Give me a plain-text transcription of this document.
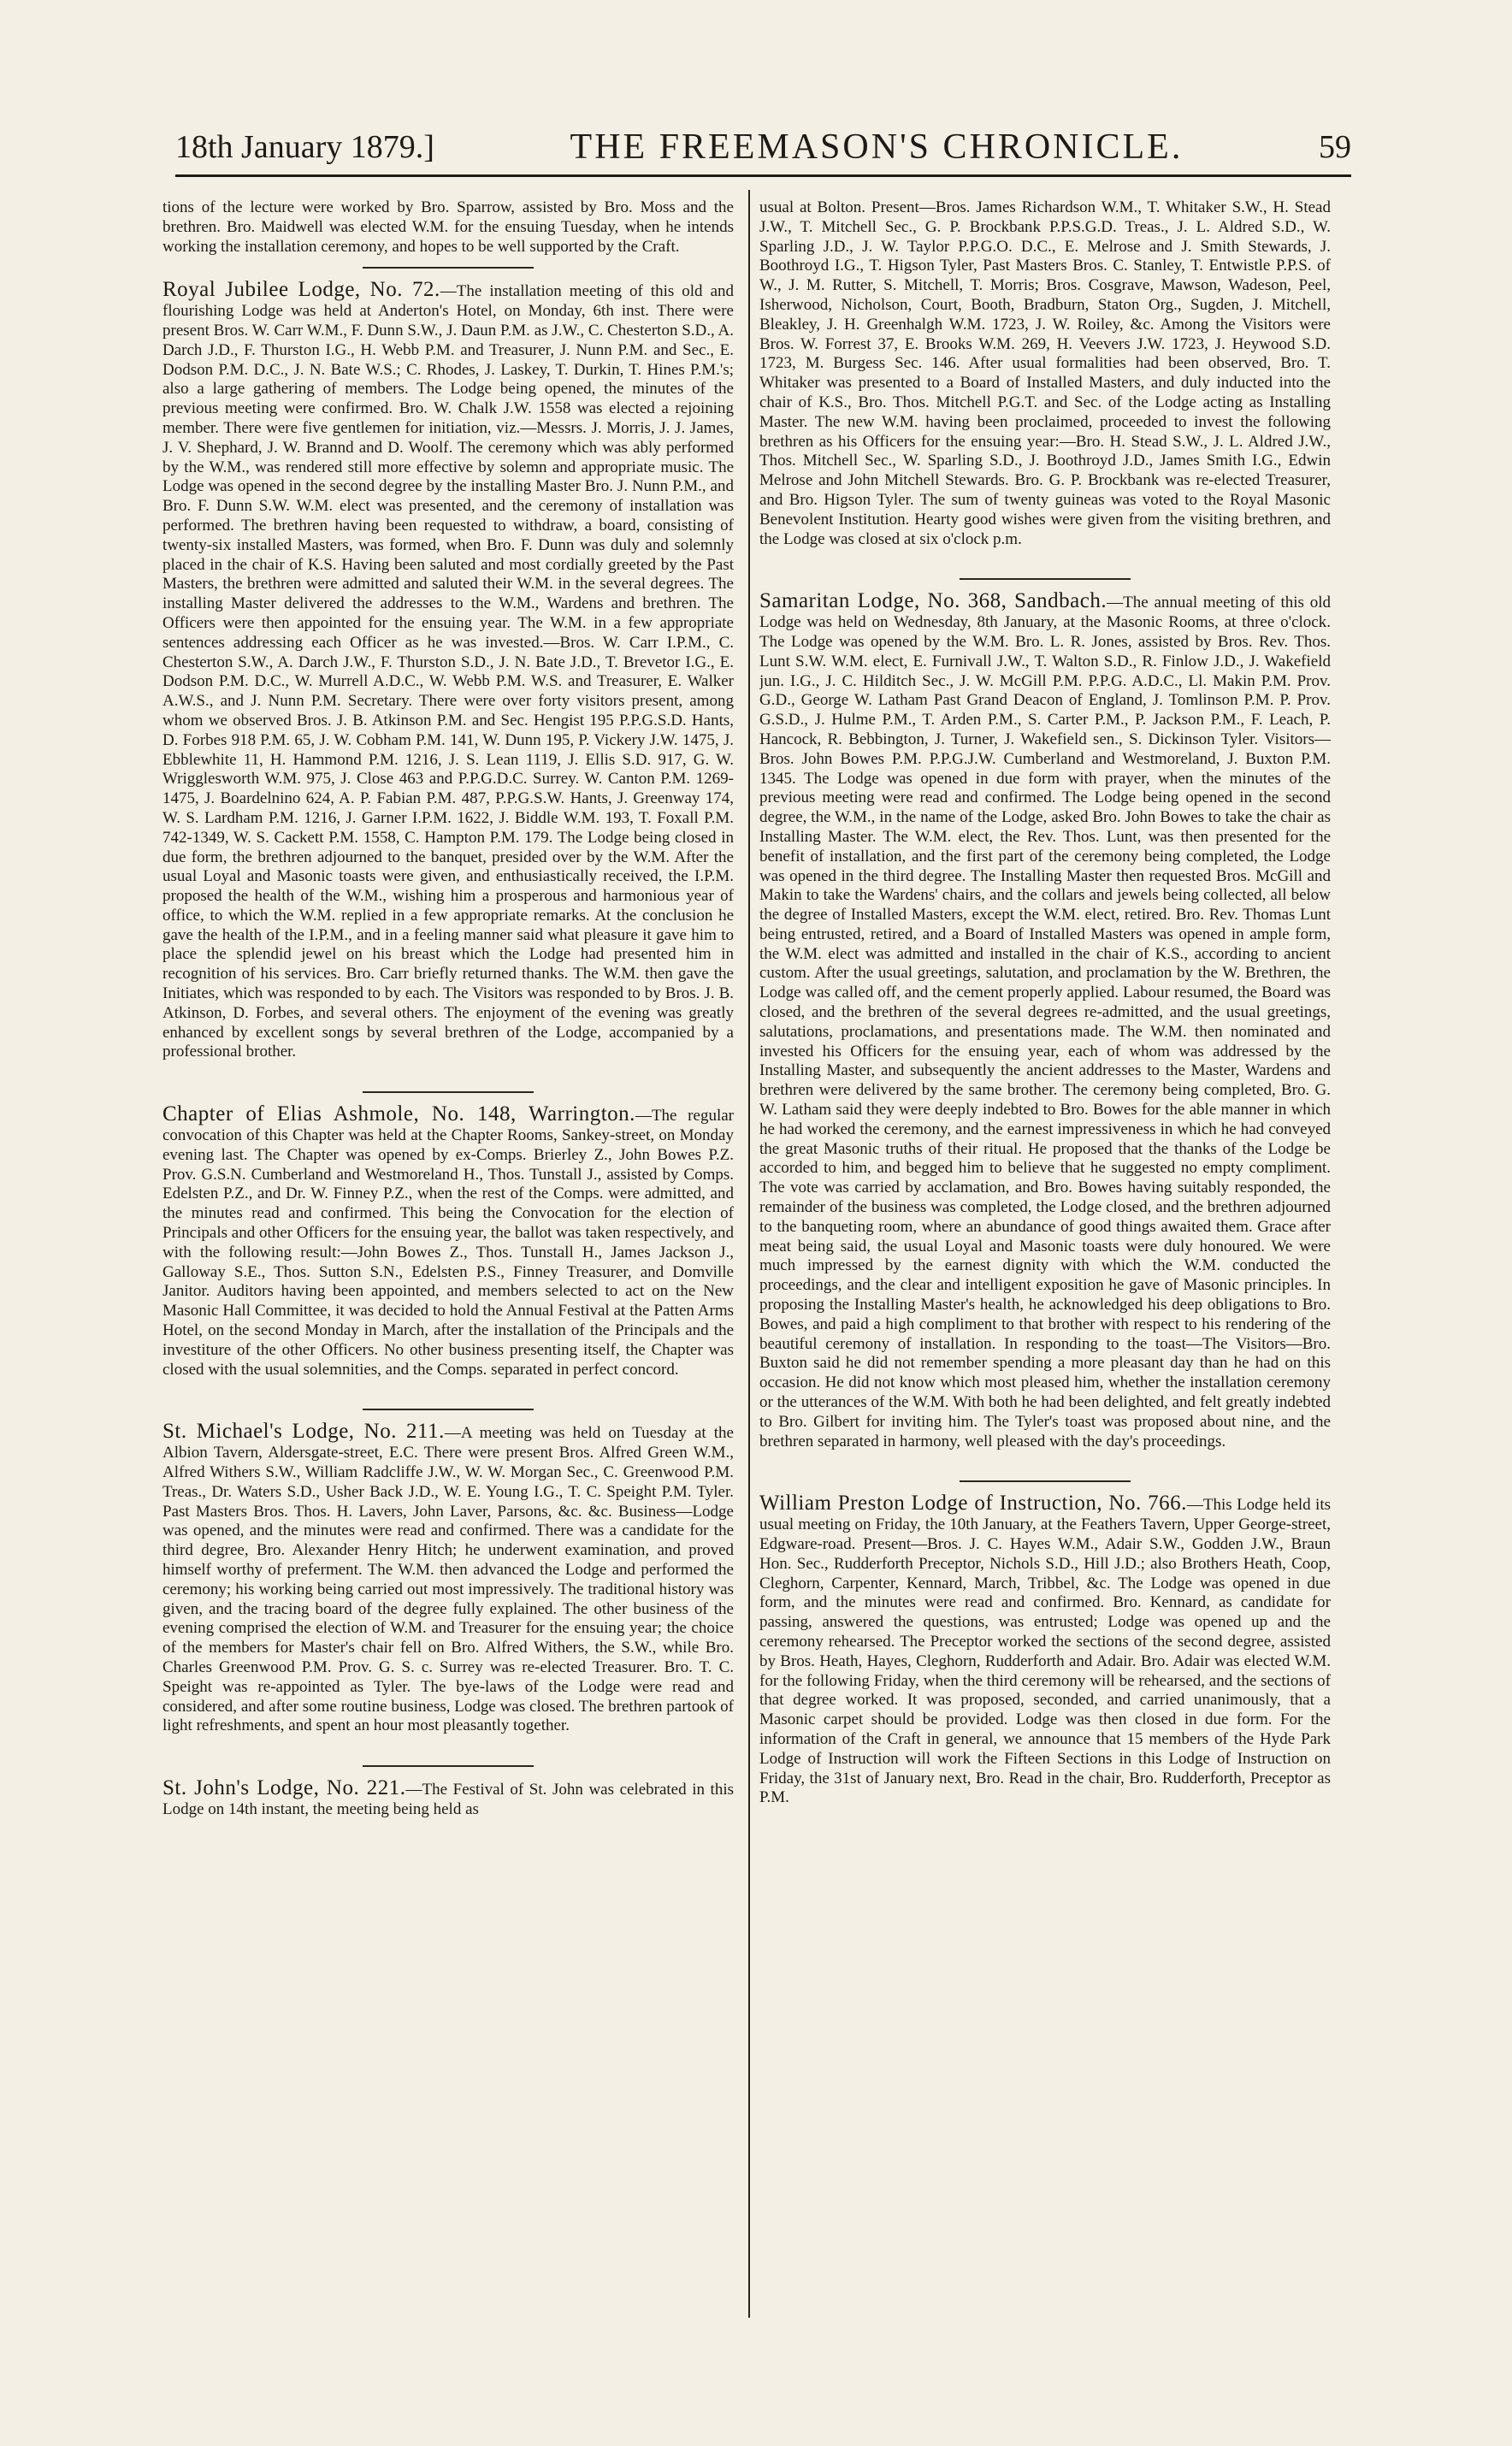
18th January 1879.]	THE FREEMASON'S CHRONICLE.	59

tions of the lecture were worked by Bro. Sparrow, assisted by Bro. Moss and the brethren. Bro. Maidwell was elected W.M. for the ensuing Tuesday, when he intends working the installation ceremony, and hopes to be well supported by the Craft.

Royal Jubilee Lodge, No. 72.—The installation meeting of this old and flourishing Lodge was held at Anderton's Hotel, on Monday, 6th inst. There were present Bros. W. Carr W.M., F. Dunn S.W., J. Daun P.M. as J.W., C. Chesterton S.D., A. Darch J.D., F. Thurston I.G., H. Webb P.M. and Treasurer, J. Nunn P.M. and Sec., E. Dodson P.M. D.C., J. N. Bate W.S.; C. Rhodes, J. Laskey, T. Durkin, T. Hines P.M.'s; also a large gathering of members. The Lodge being opened, the minutes of the previous meeting were confirmed. Bro. W. Chalk J.W. 1558 was elected a rejoining member. There were five gentlemen for initiation, viz.—Messrs. J. Morris, J. J. James, J. V. Shephard, J. W. Brannd and D. Woolf. The ceremony which was ably performed by the W.M., was rendered still more effective by solemn and appropriate music. The Lodge was opened in the second degree by the installing Master Bro. J. Nunn P.M., and Bro. F. Dunn S.W. W.M. elect was presented, and the ceremony of installation was performed. The brethren having been requested to withdraw, a board, consisting of twenty-six installed Masters, was formed, when Bro. F. Dunn was duly and solemnly placed in the chair of K.S. Having been saluted and most cordially greeted by the Past Masters, the brethren were admitted and saluted their W.M. in the several degrees. The installing Master delivered the addresses to the W.M., Wardens and brethren. The Officers were then appointed for the ensuing year. The W.M. in a few appropriate sentences addressing each Officer as he was invested.—Bros. W. Carr I.P.M., C. Chesterton S.W., A. Darch J.W., F. Thurston S.D., J. N. Bate J.D., T. Brevetor I.G., E. Dodson P.M. D.C., W. Murrell A.D.C., W. Webb P.M. W.S. and Treasurer, E. Walker A.W.S., and J. Nunn P.M. Secretary. There were over forty visitors present, among whom we observed Bros. J. B. Atkinson P.M. and Sec. Hengist 195 P.P.G.S.D. Hants, D. Forbes 918 P.M. 65, J. W. Cobham P.M. 141, W. Dunn 195, P. Vickery J.W. 1475, J. Ebblewhite 11, H. Hammond P.M. 1216, J. S. Lean 1119, J. Ellis S.D. 917, G. W. Wrigglesworth W.M. 975, J. Close 463 and P.P.G.D.C. Surrey. W. Canton P.M. 1269-1475, J. Boardelnino 624, A. P. Fabian P.M. 487, P.P.G.S.W. Hants, J. Greenway 174, W. S. Lardham P.M. 1216, J. Garner I.P.M. 1622, J. Biddle W.M. 193, T. Foxall P.M. 742-1349, W. S. Cackett P.M. 1558, C. Hampton P.M. 179. The Lodge being closed in due form, the brethren adjourned to the banquet, presided over by the W.M. After the usual Loyal and Masonic toasts were given, and enthusiastically received, the I.P.M. proposed the health of the W.M., wishing him a prosperous and harmonious year of office, to which the W.M. replied in a few appropriate remarks. At the conclusion he gave the health of the I.P.M., and in a feeling manner said what pleasure it gave him to place the splendid jewel on his breast which the Lodge had presented him in recognition of his services. Bro. Carr briefly returned thanks. The W.M. then gave the Initiates, which was responded to by each. The Visitors was responded to by Bros. J. B. Atkinson, D. Forbes, and several others. The enjoyment of the evening was greatly enhanced by excellent songs by several brethren of the Lodge, accompanied by a professional brother.

Chapter of Elias Ashmole, No. 148, Warrington.—The regular convocation of this Chapter was held at the Chapter Rooms, Sankey-street, on Monday evening last. The Chapter was opened by ex-Comps. Brierley Z., John Bowes P.Z. Prov. G.S.N. Cumberland and Westmoreland H., Thos. Tunstall J., assisted by Comps. Edelsten P.Z., and Dr. W. Finney P.Z., when the rest of the Comps. were admitted, and the minutes read and confirmed. This being the Convocation for the election of Principals and other Officers for the ensuing year, the ballot was taken respectively, and with the following result:—John Bowes Z., Thos. Tunstall H., James Jackson J., Galloway S.E., Thos. Sutton S.N., Edelsten P.S., Finney Treasurer, and Domville Janitor. Auditors having been appointed, and members selected to act on the New Masonic Hall Committee, it was decided to hold the Annual Festival at the Patten Arms Hotel, on the second Monday in March, after the installation of the Principals and the investiture of the other Officers. No other business presenting itself, the Chapter was closed with the usual solemnities, and the Comps. separated in perfect concord.

St. Michael's Lodge, No. 211.—A meeting was held on Tuesday at the Albion Tavern, Aldersgate-street, E.C. There were present Bros. Alfred Green W.M., Alfred Withers S.W., William Radcliffe J.W., W. W. Morgan Sec., C. Greenwood P.M. Treas., Dr. Waters S.D., Usher Back J.D., W. E. Young I.G., T. C. Speight P.M. Tyler. Past Masters Bros. Thos. H. Lavers, John Laver, Parsons, &c. &c. Business—Lodge was opened, and the minutes were read and confirmed. There was a candidate for the third degree, Bro. Alexander Henry Hitch; he underwent examination, and proved himself worthy of preferment. The W.M. then advanced the Lodge and performed the ceremony; his working being carried out most impressively. The traditional history was given, and the tracing board of the degree fully explained. The other business of the evening comprised the election of W.M. and Treasurer for the ensuing year; the choice of the members for Master's chair fell on Bro. Alfred Withers, the S.W., while Bro. Charles Greenwood P.M. Prov. G. S. c. Surrey was re-elected Treasurer. Bro. T. C. Speight was re-appointed as Tyler. The bye-laws of the Lodge were read and considered, and after some routine business, Lodge was closed. The brethren partook of light refreshments, and spent an hour most pleasantly together.

St. John's Lodge, No. 221.—The Festival of St. John was celebrated in this Lodge on 14th instant, the meeting being held as

usual at Bolton. Present—Bros. James Richardson W.M., T. Whitaker S.W., H. Stead J.W., T. Mitchell Sec., G. P. Brockbank P.P.S.G.D. Treas., J. L. Aldred S.D., W. Sparling J.D., J. W. Taylor P.P.G.O. D.C., E. Melrose and J. Smith Stewards, J. Boothroyd I.G., T. Higson Tyler, Past Masters Bros. C. Stanley, T. Entwistle P.P.S. of W., J. M. Rutter, S. Mitchell, T. Morris; Bros. Cosgrave, Mawson, Wadeson, Peel, Isherwood, Nicholson, Court, Booth, Bradburn, Staton Org., Sugden, J. Mitchell, Bleakley, J. H. Greenhalgh W.M. 1723, J. W. Roiley, &c. Among the Visitors were Bros. W. Forrest 37, E. Brooks W.M. 269, H. Veevers J.W. 1723, J. Heywood S.D. 1723, M. Burgess Sec. 146. After usual formalities had been observed, Bro. T. Whitaker was presented to a Board of Installed Masters, and duly inducted into the chair of K.S., Bro. Thos. Mitchell P.G.T. and Sec. of the Lodge acting as Installing Master. The new W.M. having been proclaimed, proceeded to invest the following brethren as his Officers for the ensuing year:—Bro. H. Stead S.W., J. L. Aldred J.W., Thos. Mitchell Sec., W. Sparling S.D., J. Boothroyd J.D., James Smith I.G., Edwin Melrose and John Mitchell Stewards. Bro. G. P. Brockbank was re-elected Treasurer, and Bro. Higson Tyler. The sum of twenty guineas was voted to the Royal Masonic Benevolent Institution. Hearty good wishes were given from the visiting brethren, and the Lodge was closed at six o'clock p.m.

Samaritan Lodge, No. 368, Sandbach.—The annual meeting of this old Lodge was held on Wednesday, 8th January, at the Masonic Rooms, at three o'clock. The Lodge was opened by the W.M. Bro. L. R. Jones, assisted by Bros. Rev. Thos. Lunt S.W. W.M. elect, E. Furnivall J.W., T. Walton S.D., R. Finlow J.D., J. Wakefield jun. I.G., J. C. Hilditch Sec., J. W. McGill P.M. P.P.G. A.D.C., Ll. Makin P.M. Prov. G.D., George W. Latham Past Grand Deacon of England, J. Tomlinson P.M. P. Prov. G.S.D., J. Hulme P.M., T. Arden P.M., S. Carter P.M., P. Jackson P.M., F. Leach, P. Hancock, R. Bebbington, J. Turner, J. Wakefield sen., S. Dickinson Tyler. Visitors—Bros. John Bowes P.M. P.P.G.J.W. Cumberland and Westmoreland, J. Buxton P.M. 1345. The Lodge was opened in due form with prayer, when the minutes of the previous meeting were read and confirmed. The Lodge being opened in the second degree, the W.M., in the name of the Lodge, asked Bro. John Bowes to take the chair as Installing Master. The W.M. elect, the Rev. Thos. Lunt, was then presented for the benefit of installation, and the first part of the ceremony being completed, the Lodge was opened in the third degree. The Installing Master then requested Bros. McGill and Makin to take the Wardens' chairs, and the collars and jewels being collected, all below the degree of Installed Masters, except the W.M. elect, retired. Bro. Rev. Thomas Lunt being entrusted, retired, and a Board of Installed Masters was opened in ample form, the W.M. elect was admitted and installed in the chair of K.S., according to ancient custom. After the usual greetings, salutation, and proclamation by the W. Brethren, the Lodge was called off, and the cement properly applied. Labour resumed, the Board was closed, and the brethren of the several degrees re-admitted, and the usual greetings, salutations, proclamations, and presentations made. The W.M. then nominated and invested his Officers for the ensuing year, each of whom was addressed by the Installing Master, and subsequently the ancient addresses to the Master, Wardens and brethren were delivered by the same brother. The ceremony being completed, Bro. G. W. Latham said they were deeply indebted to Bro. Bowes for the able manner in which he had worked the ceremony, and the earnest impressiveness in which he had conveyed the great Masonic truths of their ritual. He proposed that the thanks of the Lodge be accorded to him, and begged him to believe that he suggested no empty compliment. The vote was carried by acclamation, and Bro. Bowes having suitably responded, the remainder of the business was completed, the Lodge closed, and the brethren adjourned to the banqueting room, where an abundance of good things awaited them. Grace after meat being said, the usual Loyal and Masonic toasts were duly honoured. We were much impressed by the earnest dignity with which the W.M. conducted the proceedings, and the clear and intelligent exposition he gave of Masonic principles. In proposing the Installing Master's health, he acknowledged his deep obligations to Bro. Bowes, and paid a high compliment to that brother with respect to his rendering of the beautiful ceremony of installation. In responding to the toast—The Visitors—Bro. Buxton said he did not remember spending a more pleasant day than he had on this occasion. He did not know which most pleased him, whether the installation ceremony or the utterances of the W.M. With both he had been delighted, and felt greatly indebted to Bro. Gilbert for inviting him. The Tyler's toast was proposed about nine, and the brethren separated in harmony, well pleased with the day's proceedings.

William Preston Lodge of Instruction, No. 766.—This Lodge held its usual meeting on Friday, the 10th January, at the Feathers Tavern, Upper George-street, Edgware-road. Present—Bros. J. C. Hayes W.M., Adair S.W., Godden J.W., Braun Hon. Sec., Rudderforth Preceptor, Nichols S.D., Hill J.D.; also Brothers Heath, Coop, Cleghorn, Carpenter, Kennard, March, Tribbel, &c. The Lodge was opened in due form, and the minutes were read and confirmed. Bro. Kennard, as candidate for passing, answered the questions, was entrusted; Lodge was opened up and the ceremony rehearsed. The Preceptor worked the sections of the second degree, assisted by Bros. Heath, Hayes, Cleghorn, Rudderforth and Adair. Bro. Adair was elected W.M. for the following Friday, when the third ceremony will be rehearsed, and the sections of that degree worked. It was proposed, seconded, and carried unanimously, that a Masonic carpet should be provided. Lodge was then closed in due form. For the information of the Craft in general, we announce that 15 members of the Hyde Park Lodge of Instruction will work the Fifteen Sections in this Lodge of Instruction on Friday, the 31st of January next, Bro. Read in the chair, Bro. Rudderforth, Preceptor as P.M.
